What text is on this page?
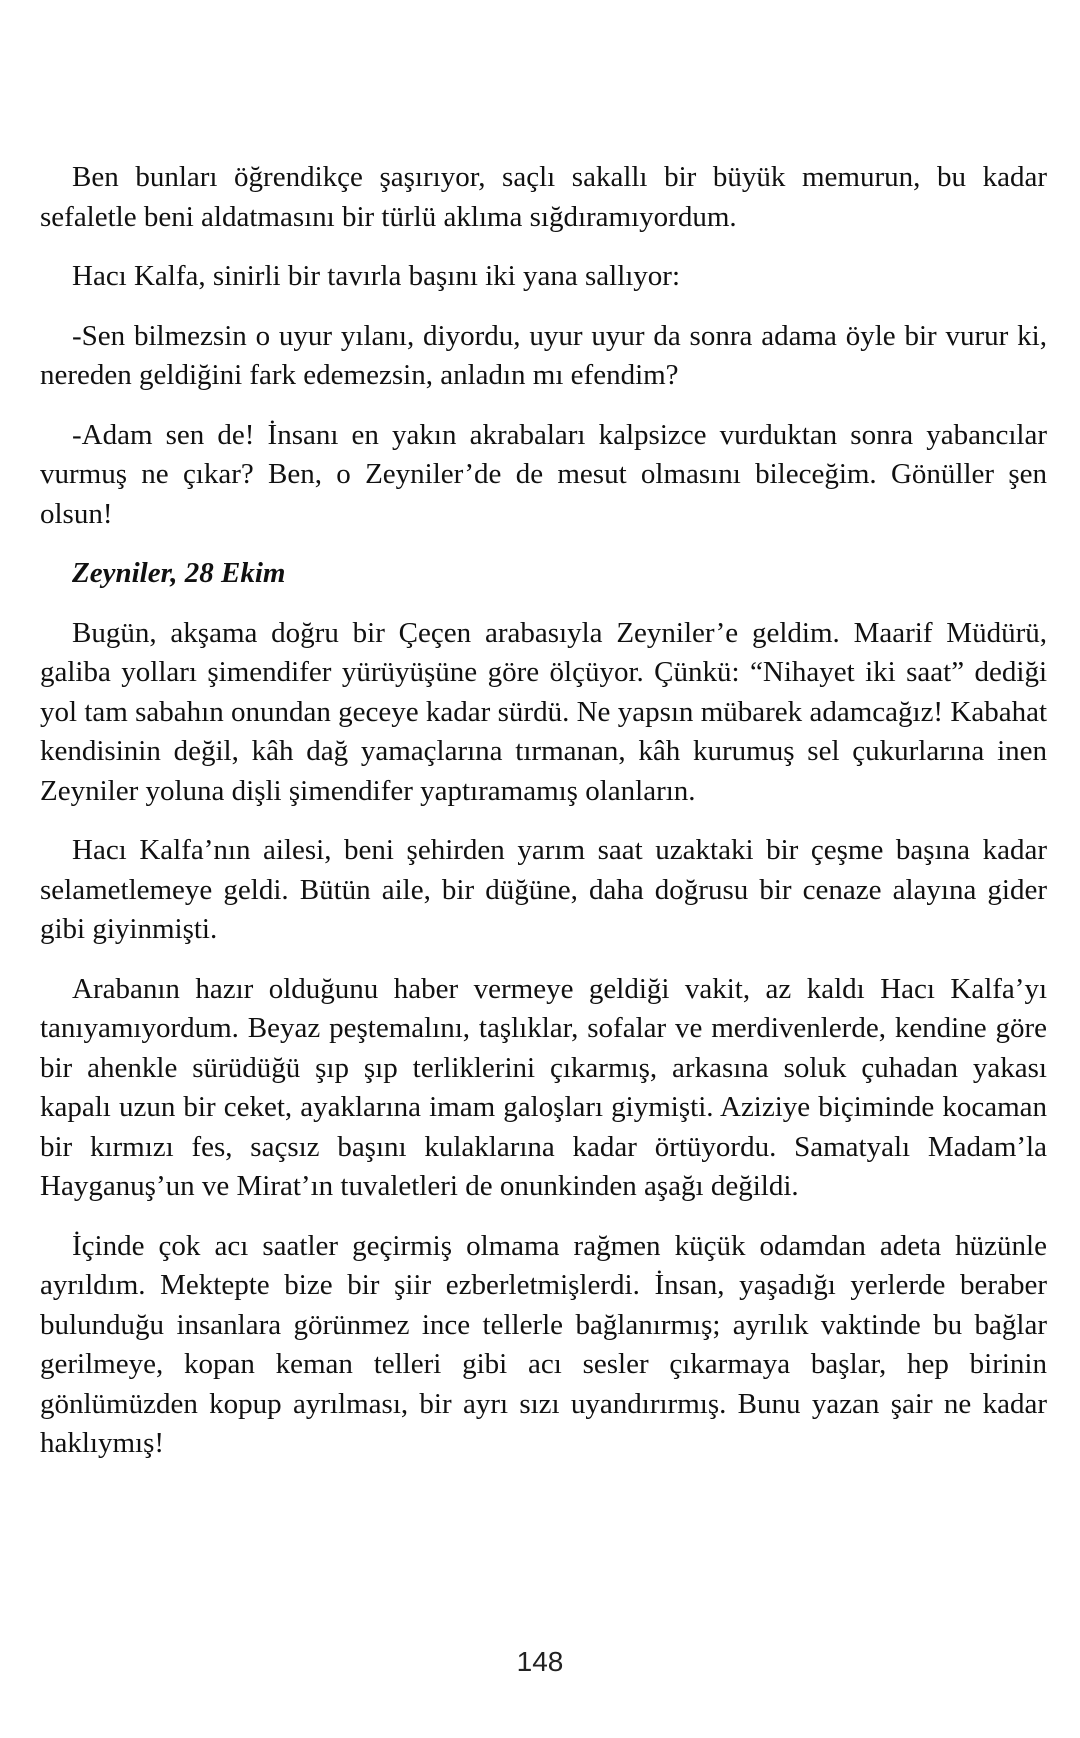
Ben bunları öğrendikçe şaşırıyor, saçlı sakallı bir büyük memurun, bu kadar sefaletle beni aldatmasını bir türlü aklıma sığdıramıyordum.

Hacı Kalfa, sinirli bir tavırla başını iki yana sallıyor:

-Sen bilmezsin o uyur yılanı, diyordu, uyur uyur da sonra adama öyle bir vurur ki, nereden geldiğini fark edemezsin, anladın mı efendim?

-Adam sen de! İnsanı en yakın akrabaları kalpsizce vurduktan sonra yabancılar vurmuş ne çıkar? Ben, o Zeyniler’de de mesut olmasını bileceğim. Gönüller şen olsun!

Zeyniler, 28 Ekim

Bugün, akşama doğru bir Çeçen arabasıyla Zeyniler’e geldim. Maarif Müdürü, galiba yolları şimendifer yürüyüşüne göre ölçüyor. Çünkü: “Nihayet iki saat” dediği yol tam sabahın onundan geceye kadar sürdü. Ne yapsın mübarek adamcağız! Kabahat kendisinin değil, kâh dağ yamaçlarına tırmanan, kâh kurumuş sel çukurlarına inen Zeyniler yoluna dişli şimendifer yaptıramamış olanların.

Hacı Kalfa’nın ailesi, beni şehirden yarım saat uzaktaki bir çeşme başına kadar selametlemeye geldi. Bütün aile, bir düğüne, daha doğrusu bir cenaze alayına gider gibi giyinmişti.

Arabanın hazır olduğunu haber vermeye geldiği vakit, az kaldı Hacı Kalfa’yı tanıyamıyordum. Beyaz peştemalını, taşlıklar, sofalar ve merdivenlerde, kendine göre bir ahenkle sürüdüğü şıp şıp terliklerini çıkarmış, arkasına soluk çuhadan yakası kapalı uzun bir ceket, ayaklarına imam galoşları giymişti. Aziziye biçiminde kocaman bir kırmızı fes, saçsız başını kulaklarına kadar örtüyordu. Samatyalı Madam’la Hayganuş’un ve Mirat’ın tuvaletleri de onunkinden aşağı değildi.

İçinde çok acı saatler geçirmiş olmama rağmen küçük odamdan adeta hüzünle ayrıldım. Mektepte bize bir şiir ezberletmişlerdi. İnsan, yaşadığı yerlerde beraber bulunduğu insanlara görünmez ince tellerle bağlanırmış; ayrılık vaktinde bu bağlar gerilmeye, kopan keman telleri gibi acı sesler çıkarmaya başlar, hep birinin gönlümüzden kopup ayrılması, bir ayrı sızı uyandırırmış. Bunu yazan şair ne kadar haklıymış!

148
